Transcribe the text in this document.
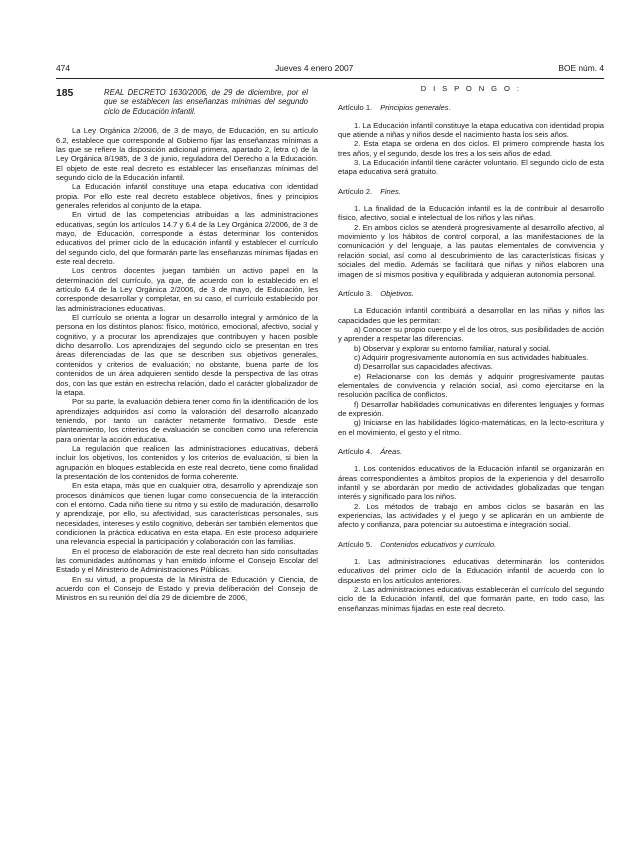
474	Jueves 4 enero 2007	BOE núm. 4
185	REAL DECRETO 1630/2006, de 29 de diciembre, por el que se establecen las enseñanzas mínimas del segundo ciclo de Educación infantil.

La Ley Orgánica 2/2006, de 3 de mayo, de Educación, en su artículo 6.2, establece que corresponde al Gobierno fijar las enseñanzas mínimas a las que se refiere la disposición adicional primera, apartado 2, letra c) de la Ley Orgánica 8/1985, de 3 de junio, reguladora del Derecho a la Educación. El objeto de este real decreto es establecer las enseñanzas mínimas del segundo ciclo de la Educación infantil.

La Educación infantil constituye una etapa educativa con identidad propia. Por ello este real decreto establece objetivos, fines y principios generales referidos al conjunto de la etapa.

En virtud de las competencias atribuidas a las administraciones educativas, según los artículos 14.7 y 6.4 de la Ley Orgánica 2/2006, de 3 de mayo, de Educación, corresponde a éstas determinar los contenidos educativos del primer ciclo de la educación infantil y establecer el currículo del segundo ciclo, del que formarán parte las enseñanzas mínimas fijadas en este real decreto.

Los centros docentes juegan también un activo papel en la determinación del currículo, ya que, de acuerdo con lo establecido en el artículo 6.4 de la Ley Orgánica 2/2006, de 3 de mayo, de Educación, les corresponde desarrollar y completar, en su caso, el currículo establecido por las administraciones educativas.

El currículo se orienta a lograr un desarrollo integral y armónico de la persona en los distintos planos: físico, motórico, emocional, afectivo, social y cognitivo, y a procurar los aprendizajes que contribuyen y hacen posible dicho desarrollo. Los aprendizajes del segundo ciclo se presentan en tres áreas diferenciadas de las que se describen sus objetivos generales, contenidos y criterios de evaluación; no obstante, buena parte de los contenidos de un área adquieren sentido desde la perspectiva de las otras dos, con las que están en estrecha relación, dado el carácter globalizador de la etapa.

Por su parte, la evaluación debiera tener como fin la identificación de los aprendizajes adquiridos así como la valoración del desarrollo alcanzado teniendo, por tanto un carácter netamente formativo. Desde este planteamiento, los criterios de evaluación se conciben como una referencia para orientar la acción educativa.

La regulación que realicen las administraciones educativas, deberá incluir los objetivos, los contenidos y los criterios de evaluación, si bien la agrupación en bloques establecida en este real decreto, tiene como finalidad la presentación de los contenidos de forma coherente.

En esta etapa, más que en cualquier otra, desarrollo y aprendizaje son procesos dinámicos que tienen lugar como consecuencia de la interacción con el entorno. Cada niño tiene su ritmo y su estilo de maduración, desarrollo y aprendizaje, por ello, su afectividad, sus características personales, sus necesidades, intereses y estilo cognitivo, deberán ser también elementos que condicionen la práctica educativa en esta etapa. En este proceso adquiriere una relevancia especial la participación y colaboración con las familias.

En el proceso de elaboración de este real decreto han sido consultadas las comunidades autónomas y han emitido informe el Consejo Escolar del Estado y el Ministerio de Administraciones Públicas.

En su virtud, a propuesta de la Ministra de Educación y Ciencia, de acuerdo con el Consejo de Estado y previa deliberación del Consejo de Ministros en su reunión del día 29 de diciembre de 2006,

D I S P O N G O :

Artículo 1. Principios generales.

1. La Educación infantil constituye la etapa educativa con identidad propia que atiende a niñas y niños desde el nacimiento hasta los seis años.

2. Esta etapa se ordena en dos ciclos. El primero comprende hasta los tres años, y el segundo, desde los tres a los seis años de edad.

3. La Educación infantil tiene carácter voluntario. El segundo ciclo de esta etapa educativa será gratuito.

Artículo 2. Fines.

1. La finalidad de la Educación infantil es la de contribuir al desarrollo físico, afectivo, social e intelectual de los niños y las niñas.

2. En ambos ciclos se atenderá progresivamente al desarrollo afectivo, al movimiento y los hábitos de control corporal, a las manifestaciones de la comunicación y del lenguaje, a las pautas elementales de convivencia y relación social, así como al descubrimiento de las características físicas y sociales del medio. Además se facilitará que niñas y niños elaboren una imagen de sí mismos positiva y equilibrada y adquieran autonomía personal.

Artículo 3. Objetivos.

La Educación infantil contribuirá a desarrollar en las niñas y niños las capacidades que les permitan:

a) Conocer su propio cuerpo y el de los otros, sus posibilidades de acción y aprender a respetar las diferencias.

b) Observar y explorar su entorno familiar, natural y social.

c) Adquirir progresivamente autonomía en sus actividades habituales.

d) Desarrollar sus capacidades afectivas.

e) Relacionarse con los demás y adquirir progresivamente pautas elementales de convivencia y relación social, así como ejercitarse en la resolución pacífica de conflictos.

f) Desarrollar habilidades comunicativas en diferentes lenguajes y formas de expresión.

g) Iniciarse en las habilidades lógico-matemáticas, en la lecto-escritura y en el movimiento, el gesto y el ritmo.

Artículo 4. Áreas.

1. Los contenidos educativos de la Educación infantil se organizarán en áreas correspondientes a ámbitos propios de la experiencia y del desarrollo infantil y se abordarán por medio de actividades globalizadas que tengan interés y significado para los niños.

2. Los métodos de trabajo en ambos ciclos se basarán en las experiencias, las actividades y el juego y se aplicarán en un ambiente de afecto y confianza, para potenciar su autoestima e integración social.

Artículo 5. Contenidos educativos y currículo.

1. Las administraciones educativas determinarán los contenidos educativos del primer ciclo de la Educación infantil de acuerdo con lo dispuesto en los artículos anteriores.

2. Las administraciones educativas establecerán el currículo del segundo ciclo de la Educación infantil, del que formarán parte, en todo caso, las enseñanzas mínimas fijadas en este real decreto.
